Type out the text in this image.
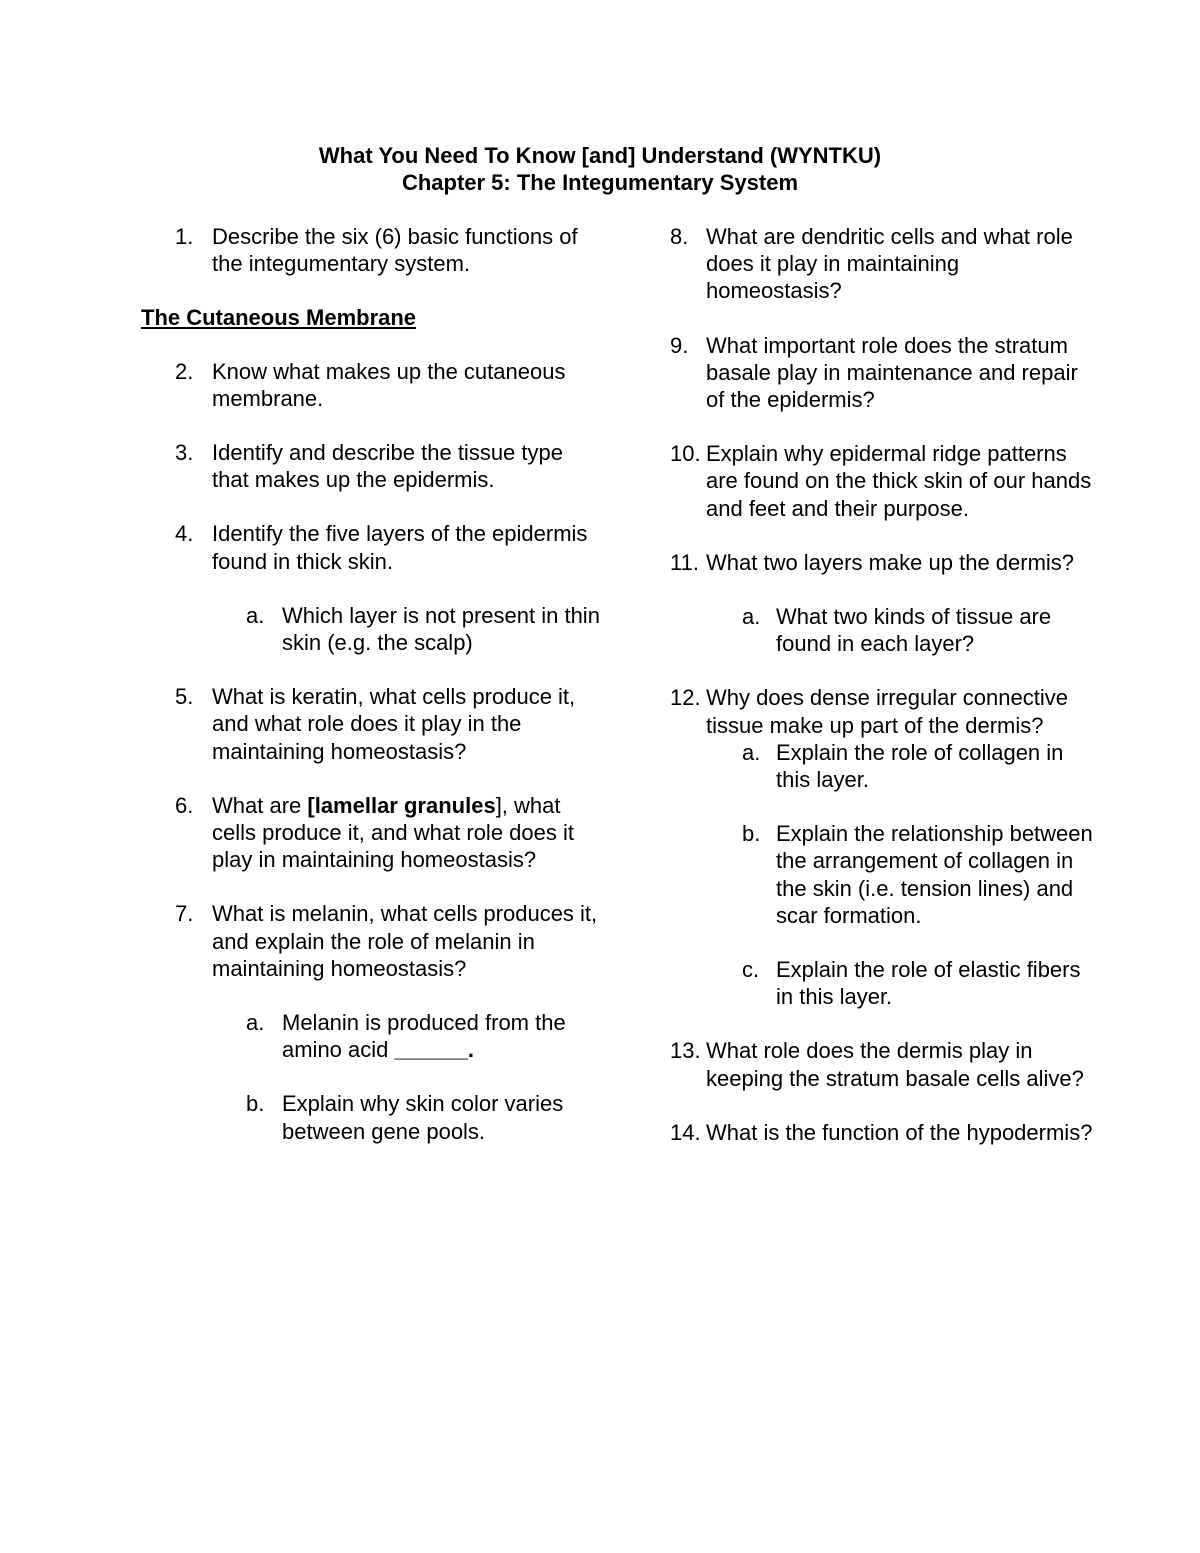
What You Need To Know [and] Understand (WYNTKU)
Chapter 5: The Integumentary System
1. Describe the six (6) basic functions of the integumentary system.
The Cutaneous Membrane
2. Know what makes up the cutaneous membrane.
3. Identify and describe the tissue type that makes up the epidermis.
4. Identify the five layers of the epidermis found in thick skin.
a. Which layer is not present in thin skin (e.g. the scalp)
5. What is keratin, what cells produce it, and what role does it play in the maintaining homeostasis?
6. What are [lamellar granules], what cells produce it, and what role does it play in maintaining homeostasis?
7. What is melanin, what cells produces it, and explain the role of melanin in maintaining homeostasis?
a. Melanin is produced from the amino acid ______.
b. Explain why skin color varies between gene pools.
8. What are dendritic cells and what role does it play in maintaining homeostasis?
9. What important role does the stratum basale play in maintenance and repair of the epidermis?
10. Explain why epidermal ridge patterns are found on the thick skin of our hands and feet and their purpose.
11. What two layers make up the dermis?
a. What two kinds of tissue are found in each layer?
12. Why does dense irregular connective tissue make up part of the dermis?
a. Explain the role of collagen in this layer.
b. Explain the relationship between the arrangement of collagen in the skin (i.e. tension lines) and scar formation.
c. Explain the role of elastic fibers in this layer.
13. What role does the dermis play in keeping the stratum basale cells alive?
14. What is the function of the hypodermis?
